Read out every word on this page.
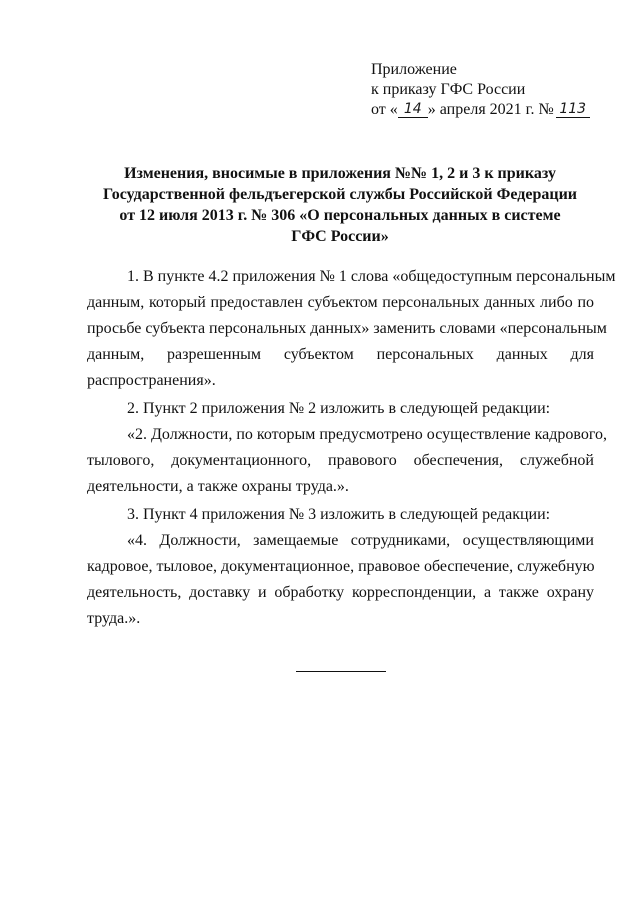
Приложение
к приказу ГФС России
от « 14 » апреля 2021 г. № 113
Изменения, вносимые в приложения №№ 1, 2 и 3 к приказу
Государственной фельдъегерской службы Российской Федерации
от 12 июля 2013 г. № 306 «О персональных данных в системе
ГФС России»
1. В пункте 4.2 приложения № 1 слова «общедоступным персональным
данным, который предоставлен субъектом персональных данных либо по
просьбе субъекта персональных данных» заменить словами «персональным
данным, разрешенным субъектом персональных данных для
распространения».
2. Пункт 2 приложения № 2 изложить в следующей редакции:
«2. Должности, по которым предусмотрено осуществление кадрового,
тылового, документационного, правового обеспечения, служебной
деятельности, а также охраны труда.».
3. Пункт 4 приложения № 3 изложить в следующей редакции:
«4. Должности, замещаемые сотрудниками, осуществляющими
кадровое, тыловое, документационное, правовое обеспечение, служебную
деятельность, доставку и обработку корреспонденции, а также охрану
труда.».
